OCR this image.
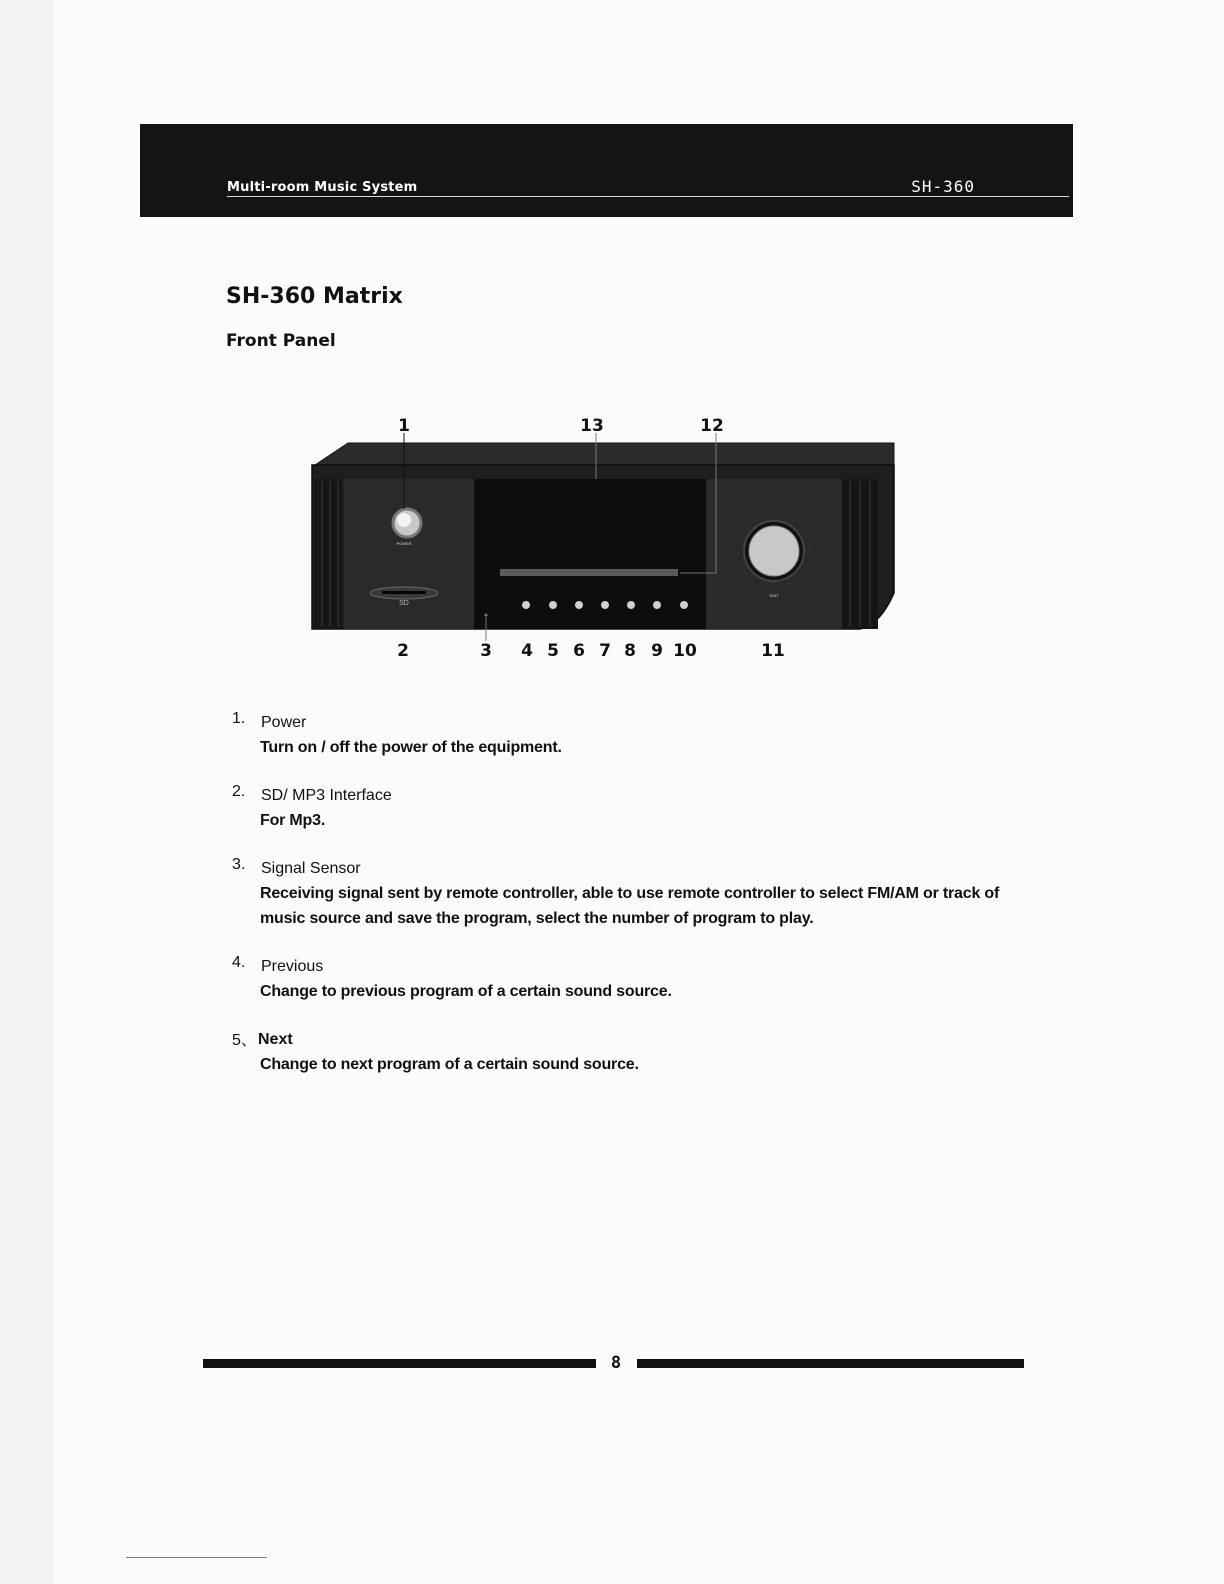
Multi-room Music System	SH-360
SH-360 Matrix
Front Panel
POWER
SD
EDIT
1	13	12
2	3 4 5 6 7 8 9 10	11
1. Power
Turn on / off the power of the equipment.
2. SD/ MP3 Interface
For Mp3.
3. Signal Sensor
Receiving signal sent by remote controller, able to use remote controller to select FM/AM or track of music source and save the program, select the number of program to play.
4. Previous
Change to previous program of a certain sound source.
5、 Next
Change to next program of a certain sound source.
8
